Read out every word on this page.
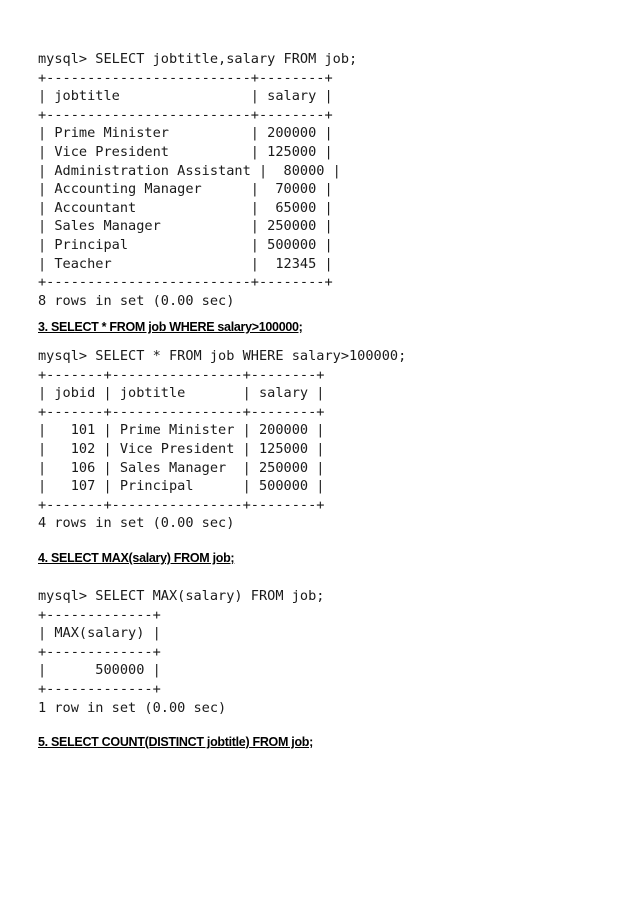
mysql> SELECT jobtitle,salary FROM job;
+-------------------------+--------+
| jobtitle                | salary |
+-------------------------+--------+
| Prime Minister          | 200000 |
| Vice President          | 125000 |
| Administration Assistant |  80000 |
| Accounting Manager      |  70000 |
| Accountant              |  65000 |
| Sales Manager           | 250000 |
| Principal               | 500000 |
| Teacher                 |  12345 |
+-------------------------+--------+
8 rows in set (0.00 sec)
3. SELECT * FROM job WHERE salary>100000;
mysql> SELECT * FROM job WHERE salary>100000;
+-------+----------------+--------+
| jobid | jobtitle       | salary |
+-------+----------------+--------+
|   101 | Prime Minister | 200000 |
|   102 | Vice President | 125000 |
|   106 | Sales Manager  | 250000 |
|   107 | Principal      | 500000 |
+-------+----------------+--------+
4 rows in set (0.00 sec)
4. SELECT MAX(salary) FROM job;
mysql> SELECT MAX(salary) FROM job;
+-------------+
| MAX(salary) |
+-------------+
|      500000 |
+-------------+
1 row in set (0.00 sec)
5. SELECT COUNT(DISTINCT jobtitle) FROM job;
